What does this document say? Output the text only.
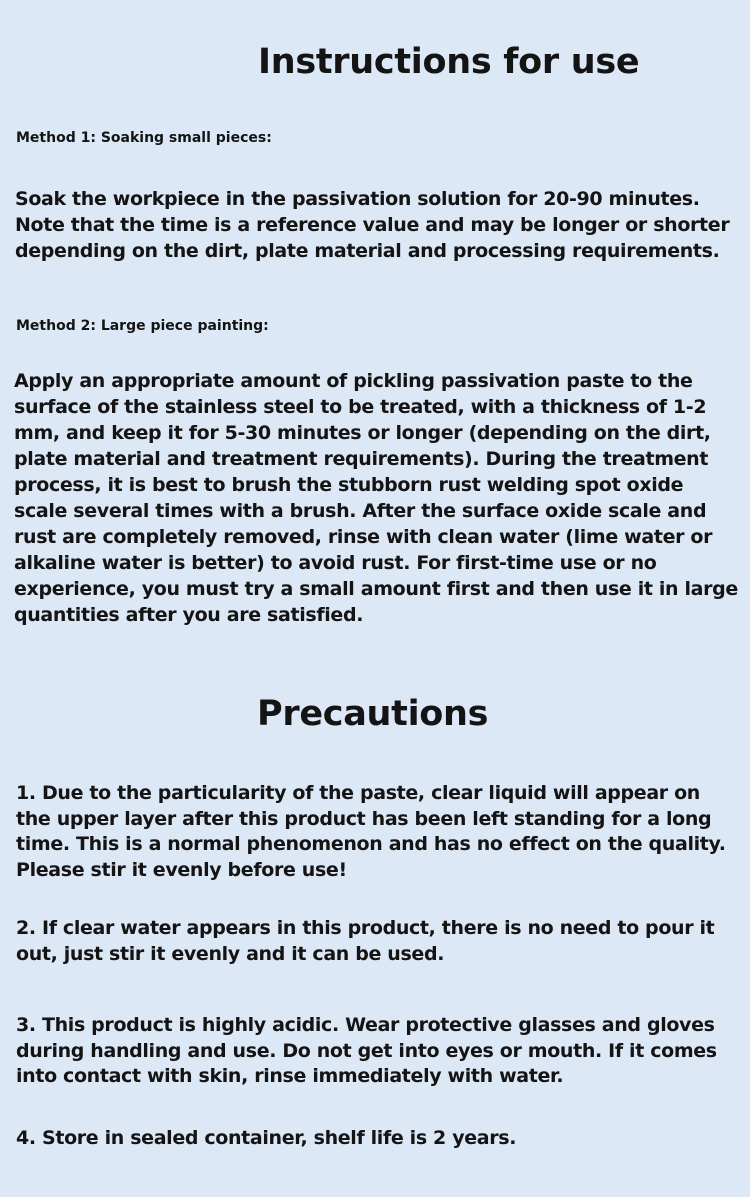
Instructions for use
Method 1: Soaking small pieces:

Soak the workpiece in the passivation solution for 20-90 minutes.
Note that the time is a reference value and may be longer or shorter
depending on the dirt, plate material and processing requirements.

Method 2: Large piece painting:

Apply an appropriate amount of pickling passivation paste to the
surface of the stainless steel to be treated, with a thickness of 1-2
mm, and keep it for 5-30 minutes or longer (depending on the dirt,
plate material and treatment requirements). During the treatment
process, it is best to brush the stubborn rust welding spot oxide
scale several times with a brush. After the surface oxide scale and
rust are completely removed, rinse with clean water (lime water or
alkaline water is better) to avoid rust. For first-time use or no
experience, you must try a small amount first and then use it in large
quantities after you are satisfied.

Precautions

1. Due to the particularity of the paste, clear liquid will appear on
the upper layer after this product has been left standing for a long
time. This is a normal phenomenon and has no effect on the quality.
Please stir it evenly before use!

2. If clear water appears in this product, there is no need to pour it
out, just stir it evenly and it can be used.

3. This product is highly acidic. Wear protective glasses and gloves
during handling and use. Do not get into eyes or mouth. If it comes
into contact with skin, rinse immediately with water.

4. Store in sealed container, shelf life is 2 years.
